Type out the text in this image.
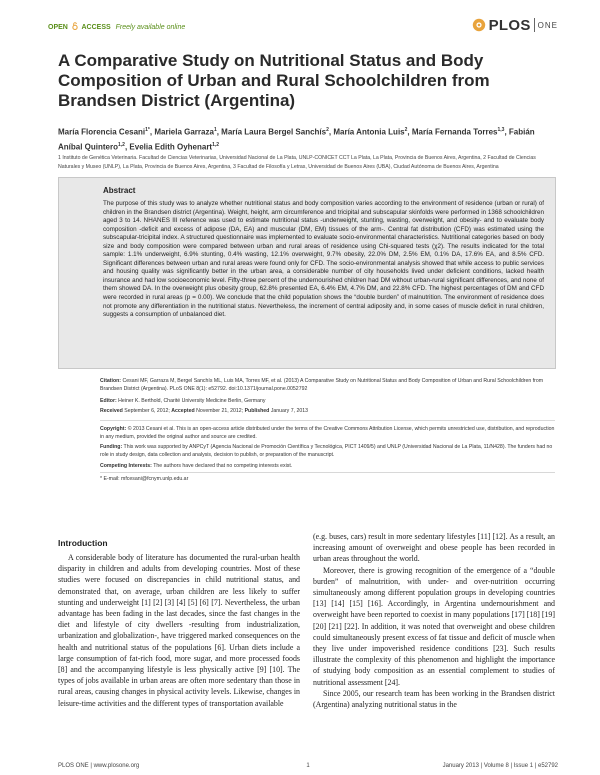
OPEN ACCESS Freely available online	PLOS ONE
A Comparative Study on Nutritional Status and Body Composition of Urban and Rural Schoolchildren from Brandsen District (Argentina)
María Florencia Cesani$^{1*}$, Mariela Garraza$^1$, María Laura Bergel Sanchís$^2$, María Antonia Luis$^2$, María Fernanda Torres$^{1,3}$, Fabián Aníbal Quintero$^{1,2}$, Evelia Edith Oyhenart$^{1,2}$
1 Instituto de Genética Veterinaria. Facultad de Ciencias Veterinarias, Universidad Nacional de La Plata, UNLP-CONICET CCT La Plata, La Plata, Provincia de Buenos Aires, Argentina, 2 Facultad de Ciencias Naturales y Museo (UNLP), La Plata, Provincia de Buenos Aires, Argentina, 3 Facultad de Filosofía y Letras, Universidad de Buenos Aires (UBA), Ciudad Autónoma de Buenos Aires, Argentina
Abstract

The purpose of this study was to analyze whether nutritional status and body composition varies according to the environment of residence (urban or rural) of children in the Brandsen district (Argentina). Weight, height, arm circumference and tricipital and subscapular skinfolds were performed in 1368 schoolchildren aged 3 to 14. NHANES III reference was used to estimate nutritional status -underweight, stunting, wasting, overweight, and obesity- and to evaluate body composition -deficit and excess of adipose (DA, EA) and muscular (DM, EM) tissues of the arm-. Central fat distribution (CFD) was estimated using the subscapular-tricipital index. A structured questionnaire was implemented to evaluate socio-environmental characteristics. Nutritional categories based on body size and body composition were compared between urban and rural areas of residence using Chi-squared tests (χ2). The results indicated for the total sample: 1.1% underweight, 6.9% stunting, 0.4% wasting, 12.1% overweight, 9.7% obesity, 22.0% DM, 2.5% EM, 0.1% DA, 17.6% EA, and 8.5% CFD. Significant differences between urban and rural areas were found only for CFD. The socio-environmental analysis showed that while access to public services and housing quality was significantly better in the urban area, a considerable number of city households lived under deficient conditions, lacked health insurance and had low socioeconomic level. Fifty-three percent of the undernourished children had DM without urban-rural significant differences, and none of them showed DA. In the overweight plus obesity group, 62.8% presented EA, 6.4% EM, 4.7% DM, and 22.8% CFD. The highest percentages of DM and CFD were recorded in rural areas (p = 0.00). We conclude that the child population shows the “double burden” of malnutrition. The environment of residence does not promote any differentiation in the nutritional status. Nevertheless, the increment of central adiposity and, in some cases of muscle deficit in rural children, suggests a consumption of unbalanced diet.

Citation: Cesani MF, Garraza M, Bergel Sanchís ML, Luis MA, Torres MF, et al. (2013) A Comparative Study on Nutritional Status and Body Composition of Urban and Rural Schoolchildren from Brandsen District (Argentina). PLoS ONE 8(1): e52792. doi:10.1371/journal.pone.0052792

Editor: Heiner K. Berthold, Charité University Medicine Berlin, Germany

Received September 6, 2012; Accepted November 21, 2012; Published January 7, 2013

Copyright: © 2013 Cesani et al. This is an open-access article distributed under the terms of the Creative Commons Attribution License, which permits unrestricted use, distribution, and reproduction in any medium, provided the original author and source are credited.

Funding: This work was supported by ANPCyT (Agencia Nacional de Promoción Científica y Tecnológica, PICT 1409/5) and UNLP (Universidad Nacional de La Plata, 11/N428). The funders had no role in study design, data collection and analysis, decision to publish, or preparation of the manuscript.

Competing Interests: The authors have declared that no competing interests exist.

* E-mail: mfcesani@fcnym.unlp.edu.ar

Introduction

A considerable body of literature has documented the rural-urban health disparity in children and adults from developing countries. Most of these studies were focused on discrepancies in child nutritional status, and demonstrated that, on average, urban children are less likely to suffer stunting and underweight [1] [2] [3] [4] [5] [6] [7]. Nevertheless, the urban advantage has been fading in the last decades, since the fast changes in the diet and lifestyle of city dwellers -resulting from industrialization, urbanization and globalization-, have triggered marked consequences on the health and nutritional status of the populations [6]. Urban diets include a large consumption of fat-rich food, more sugar, and more processed foods [8] and the accompanying lifestyle is less physically active [9] [10]. The types of jobs available in urban areas are often more sedentary than those in rural areas, causing changes in physical activity levels. Likewise, changes in leisure-time activities and the different types of transportation available

(e.g. buses, cars) result in more sedentary lifestyles [11] [12]. As a result, an increasing amount of overweight and obese people has been recorded in urban areas throughout the world.

Moreover, there is growing recognition of the emergence of a “double burden” of malnutrition, with under- and over-nutrition occurring simultaneously among different population groups in developing countries [13] [14] [15] [16]. Accordingly, in Argentina undernourishment and overweight have been reported to coexist in many populations [17] [18] [19] [20] [21] [22]. In addition, it was noted that overweight and obese children could simultaneously present excess of fat tissue and deficit of muscle when they live under impoverished residence conditions [23]. Such results illustrate the complexity of this phenomenon and highlight the importance of studying body composition as an essential complement to studies of nutritional assessment [24].

Since 2005, our research team has been working in the Brandsen district (Argentina) analyzing nutritional status in the

PLOS ONE | www.plosone.org	1	January 2013 | Volume 8 | Issue 1 | e52792
